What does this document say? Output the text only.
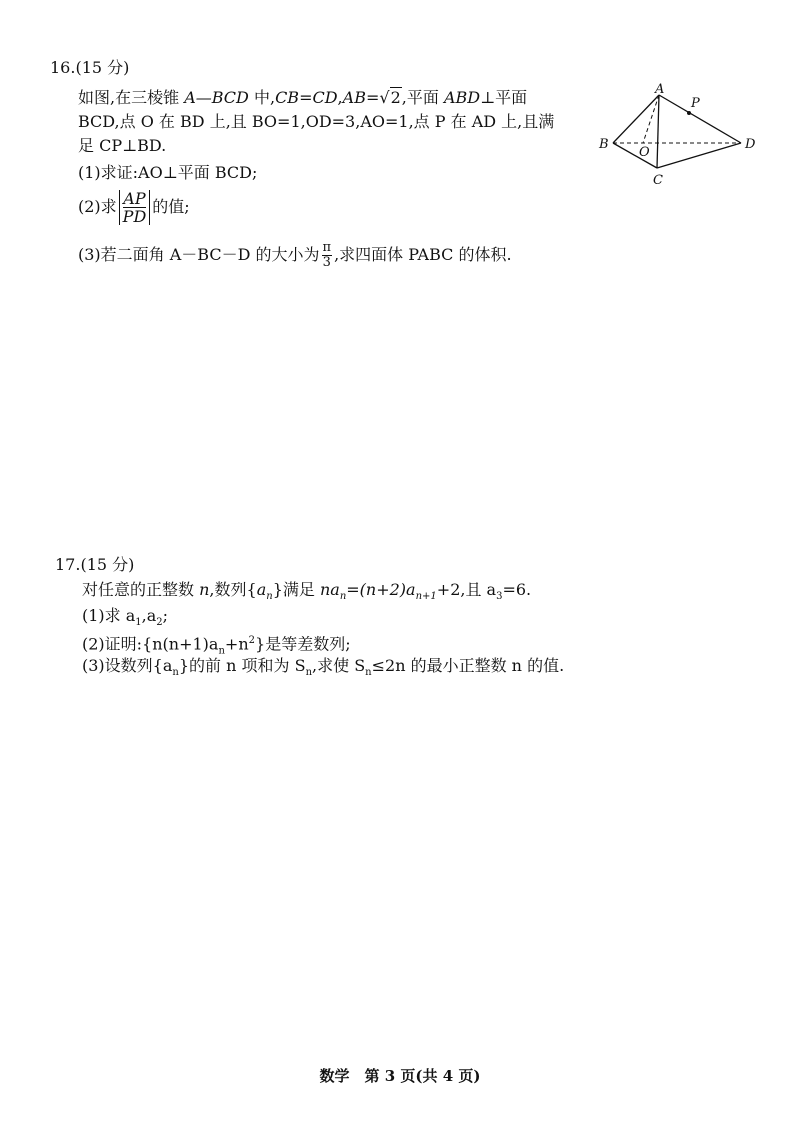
16.(15 分)
如图,在三棱锥 A—BCD 中,CB=CD,AB=√2,平面 ABD⊥平面
BCD,点 O 在 BD 上,且 BO=1,OD=3,AO=1,点 P 在 AD 上,且满
足 CP⊥BD.
(1)求证:AO⊥平面 BCD;
(2)求 $\frac{AP}{PD}$ 的值;
(3)若二面角 A－BC－D 的大小为 $\frac{\pi}{3}$ ,求四面体 PABC 的体积.
A
P
B
O
D
C
17.(15 分)
对任意的正整数 n,数列$\{a_n\}$满足 $na_n=(n+2)a_{n+1}+2$,且 $a_3=6$.
(1)求 $a_1,a_2$;
(2)证明$:\{n(n+1)a_n+n^2\}$是等差数列;
(3)设数列$\{a_n\}$的前 n 项和为 $S_n$,求使 $S_n\le 2n$ 的最小正整数 n 的值.
数学　第 3 页(共 4 页)
